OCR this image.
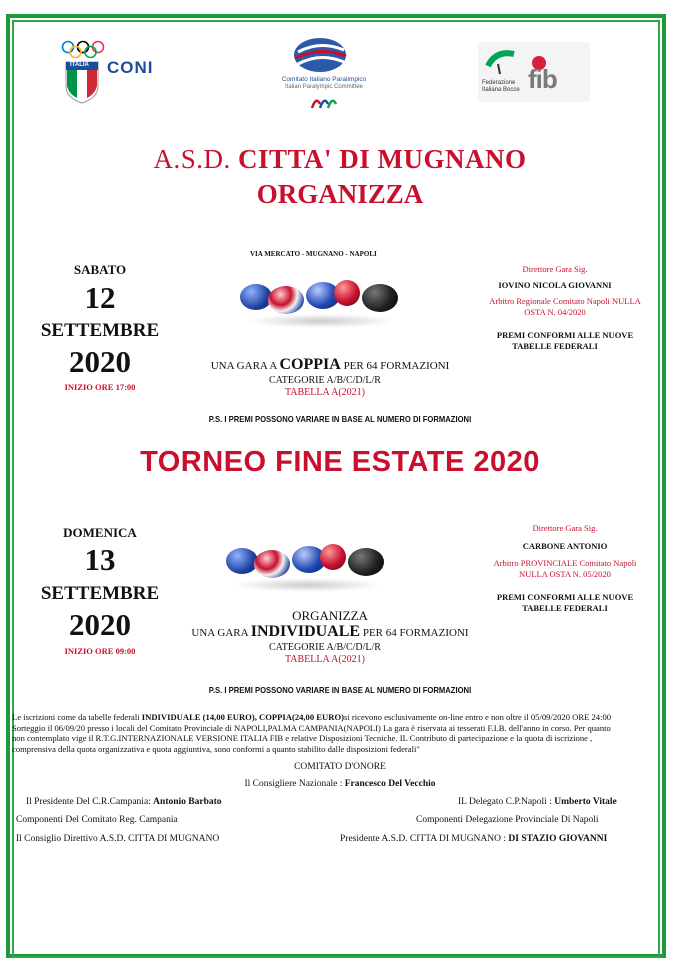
ITALIA CONI
Comitato Italiano Paralimpico
Italian Paralympic Committee
Federazione
Italiana Bocce fib
A.S.D. CITTA' DI MUGNANO
ORGANIZZA
SABATO
12
SETTEMBRE
2020
INIZIO ORE 17:00
VIA MERCATO - MUGNANO - NAPOLI
UNA GARA A COPPIA PER 64 FORMAZIONI
CATEGORIE A/B/C/D/L/R
TABELLA A(2021)
Direttore Gara Sig.
IOVINO NICOLA GIOVANNI
Arbitro Regionale Comitato Napoli NULLA
OSTA N. 04/2020
PREMI CONFORMI ALLE NUOVE
TABELLE FEDERALI
P.S. I PREMI POSSONO VARIARE IN BASE AL NUMERO DI FORMAZIONI
TORNEO FINE ESTATE 2020
DOMENICA
13
SETTEMBRE
2020
INIZIO ORE 09:00
ORGANIZZA
UNA GARA INDIVIDUALE PER 64 FORMAZIONI
CATEGORIE A/B/C/D/L/R
TABELLA A(2021)
Direttore Gara Sig.
CARBONE ANTONIO
Arbitro PROVINCIALE Comitato Napoli
NULLA OSTA N. 05/2020
PREMI CONFORMI ALLE NUOVE
TABELLE FEDERALI
P.S. I PREMI POSSONO VARIARE IN BASE AL NUMERO DI FORMAZIONI
Le iscrizioni come da tabelle federali INDIVIDUALE (14,00 EURO), COPPIA(24,00 EURO)si ricevono esclusivamente on-line entro e non oltre il 05/09/2020 ORE 24:00
Sorteggio il 06/09/20 presso i locali del Comitato Provinciale di NAPOLI,PALMA CAMPANIA(NAPOLI) La gara è riservata ai tesserati F.I.B. dell'anno in corso. Per quanto
non contemplato vige il R.T.G.INTERNAZIONALE VERSIONE ITALIA FIB e relative Disposizioni Tecniche. IL Contributo di partecipazione e la quota di iscrizione ,
comprensiva della quota organizzativa e quota aggiuntiva, sono conformi a quanto stabilito dalle disposizioni federali"
COMITATO D'ONORE
Il Consigliere Nazionale : Francesco Del Vecchio
Il Presidente Del C.R.Campania: Antonio Barbato	IL Delegato C.P.Napoli : Umberto Vitale
Componenti Del Comitato Reg. Campania	Componenti Delegazione Provinciale Di Napoli
Il Consiglio Direttivo A.S.D. CITTA DI MUGNANO	Presidente A.S.D. CITTA DI MUGNANO : DI STAZIO GIOVANNI
